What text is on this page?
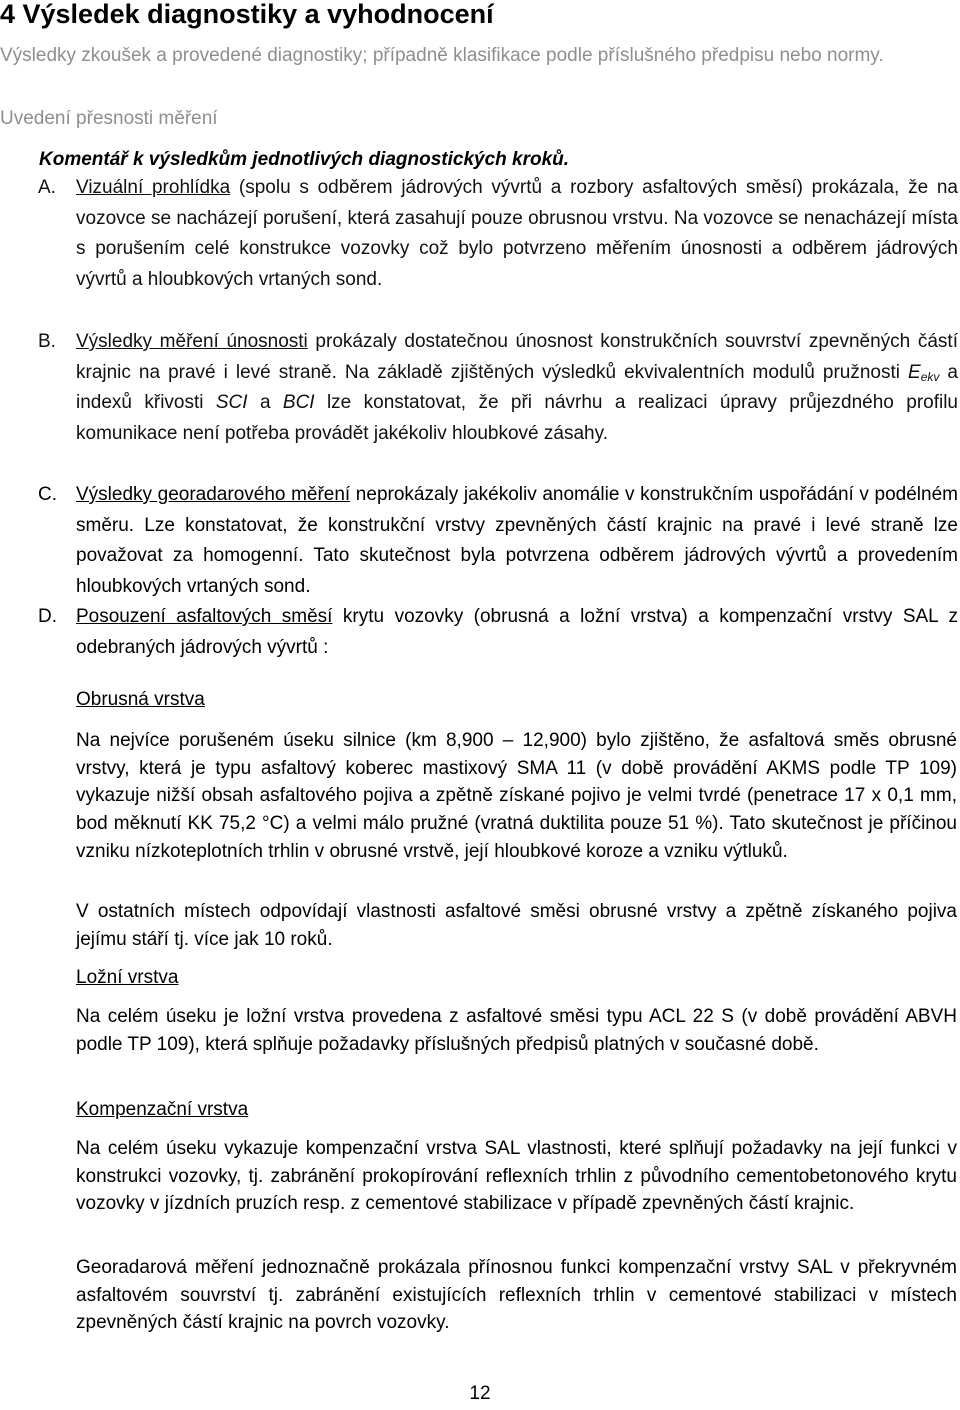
4 Výsledek diagnostiky a vyhodnocení

Výsledky zkoušek a provedené diagnostiky; případně klasifikace podle příslušného předpisu nebo normy.

Uvedení přesnosti měření

Komentář k výsledkům jednotlivých diagnostických kroků.

A. Vizuální prohlídka (spolu s odběrem jádrových vývrtů a rozbory asfaltových směsí) prokázala, že na vozovce se nacházejí porušení, která zasahují pouze obrusnou vrstvu. Na vozovce se nenacházejí místa s porušením celé konstrukce vozovky což bylo potvrzeno měřením únosnosti a odběrem jádrových vývrtů a hloubkových vrtaných sond.
B. Výsledky měření únosnosti prokázaly dostatečnou únosnost konstrukčních souvrství zpevněných částí krajnic na pravé i levé straně. Na základě zjištěných výsledků ekvivalentních modulů pružnosti $E_{ekv}$ a indexů křivosti SCI a BCI lze konstatovat, že při návrhu a realizaci úpravy průjezdného profilu komunikace není potřeba provádět jakékoliv hloubkové zásahy.
C. Výsledky georadarového měření neprokázaly jakékoliv anomálie v konstrukčním uspořádání v podélném směru. Lze konstatovat, že konstrukční vrstvy zpevněných částí krajnic na pravé i levé straně lze považovat za homogenní. Tato skutečnost byla potvrzena odběrem jádrových vývrtů a provedením hloubkových vrtaných sond.
D. Posouzení asfaltových směsí krytu vozovky (obrusná a ložní vrstva) a kompenzační vrstvy SAL z odebraných jádrových vývrtů :

Obrusná vrstva

Na nejvíce porušeném úseku silnice (km 8,900 – 12,900) bylo zjištěno, že asfaltová směs obrusné vrstvy, která je typu asfaltový koberec mastixový SMA 11 (v době provádění AKMS podle TP 109) vykazuje nižší obsah asfaltového pojiva a zpětně získané pojivo je velmi tvrdé (penetrace 17 x 0,1 mm, bod měknutí KK 75,2 °C) a velmi málo pružné (vratná duktilita pouze 51 %). Tato skutečnost je příčinou vzniku nízkoteplotních trhlin v obrusné vrstvě, její hloubkové koroze a vzniku výtluků.

V ostatních místech odpovídají vlastnosti asfaltové směsi obrusné vrstvy a zpětně získaného pojiva jejímu stáří tj. více jak 10 roků.

Ložní vrstva

Na celém úseku je ložní vrstva provedena z asfaltové směsi typu ACL 22 S (v době provádění ABVH podle TP 109), která splňuje požadavky příslušných předpisů platných v současné době.

Kompenzační vrstva

Na celém úseku vykazuje kompenzační vrstva SAL vlastnosti, které splňují požadavky na její funkci v konstrukci vozovky, tj. zabránění prokopírování reflexních trhlin z původního cementobetonového krytu vozovky v jízdních pruzích resp. z cementové stabilizace v případě zpevněných částí krajnic.

Georadarová měření jednoznačně prokázala přínosnou funkci kompenzační vrstvy SAL v překryvném asfaltovém souvrství tj. zabránění existujících reflexních trhlin v cementové stabilizaci v místech zpevněných částí krajnic na povrch vozovky.

12
